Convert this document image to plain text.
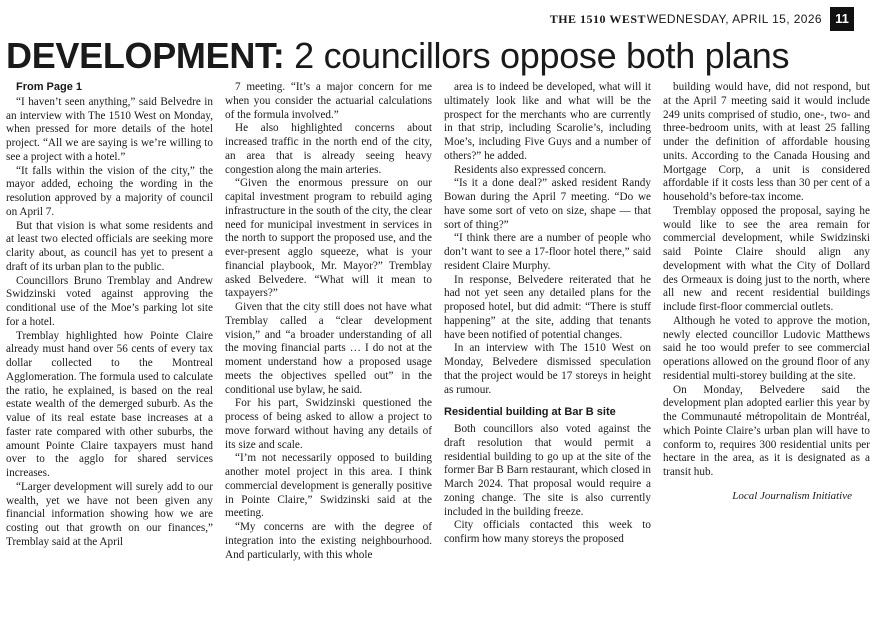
THE 1510 WEST WEDNESDAY, APRIL 15, 2026	11
DEVELOPMENT: 2 councillors oppose both plans
From Page 1

“I haven’t seen anything,” said Belvedre in an interview with The 1510 West on Monday, when pressed for more details of the hotel project. “All we are saying is we’re willing to see a project with a hotel.”

“It falls within the vision of the city,” the mayor added, echoing the wording in the resolution approved by a majority of council on April 7.

But that vision is what some residents and at least two elected officials are seeking more clarity about, as council has yet to present a draft of its urban plan to the public.

Councillors Bruno Tremblay and Andrew Swidzinski voted against approving the conditional use of the Moe’s parking lot site for a hotel.

Tremblay highlighted how Pointe Claire already must hand over 56 cents of every tax dollar collected to the Montreal Agglomeration. The formula used to calculate the ratio, he explained, is based on the real estate wealth of the demerged suburb. As the value of its real estate base increases at a faster rate compared with other suburbs, the amount Pointe Claire taxpayers must hand over to the agglo for shared services increases.

“Larger development will surely add to our wealth, yet we have not been given any financial information showing how we are costing out that growth on our finances,” Tremblay said at the April

7 meeting. “It’s a major concern for me when you consider the actuarial calculations of the formula involved.”

He also highlighted concerns about increased traffic in the north end of the city, an area that is already seeing heavy congestion along the main arteries.

“Given the enormous pressure on our capital investment program to rebuild aging infrastructure in the south of the city, the clear need for municipal investment in services in the north to support the proposed use, and the ever-present agglo squeeze, what is your financial playbook, Mr. Mayor?” Tremblay asked Belvedere. “What will it mean to taxpayers?”

Given that the city still does not have what Tremblay called a “clear development vision,” and “a broader understanding of all the moving financial parts … I do not at the moment understand how a proposed usage meets the objectives spelled out” in the conditional use bylaw, he said.

For his part, Swidzinski questioned the process of being asked to allow a project to move forward without having any details of its size and scale.

“I’m not necessarily opposed to building another motel project in this area. I think commercial development is generally positive in Pointe Claire,” Swidzinski said at the meeting.

“My concerns are with the degree of integration into the existing neighbourhood. And particularly, with this whole

area is to indeed be developed, what will it ultimately look like and what will be the prospect for the merchants who are currently in that strip, including Scarolie’s, including Moe’s, including Five Guys and a number of others?” he added.

Residents also expressed concern.

“Is it a done deal?” asked resident Randy Bowan during the April 7 meeting. “Do we have some sort of veto on size, shape — that sort of thing?”

“I think there are a number of people who don’t want to see a 17-floor hotel there,” said resident Claire Murphy.

In response, Belvedere reiterated that he had not yet seen any detailed plans for the proposed hotel, but did admit: “There is stuff happening” at the site, adding that tenants have been notified of potential changes.

In an interview with The 1510 West on Monday, Belvedere dismissed speculation that the project would be 17 storeys in height as rumour.

Residential building at Bar B site

Both councillors also voted against the draft resolution that would permit a residential building to go up at the site of the former Bar B Barn restaurant, which closed in March 2024. That proposal would require a zoning change. The site is also currently included in the building freeze.

City officials contacted this week to confirm how many storeys the proposed

building would have, did not respond, but at the April 7 meeting said it would include 249 units comprised of studio, one-, two- and three-bedroom units, with at least 25 falling under the definition of affordable housing units. According to the Canada Housing and Mortgage Corp, a unit is considered affordable if it costs less than 30 per cent of a household’s before-tax income.

Tremblay opposed the proposal, saying he would like to see the area remain for commercial development, while Swidzinski said Pointe Claire should align any development with what the City of Dollard des Ormeaux is doing just to the north, where all new and recent residential buildings include first-floor commercial outlets.

Although he voted to approve the motion, newly elected councillor Ludovic Matthews said he too would prefer to see commercial operations allowed on the ground floor of any residential multi-storey building at the site.

On Monday, Belvedere said the development plan adopted earlier this year by the Communauté métropolitain de Montréal, which Pointe Claire’s urban plan will have to conform to, requires 300 residential units per hectare in the area, as it is designated as a transit hub.

Local Journalism Initiative
